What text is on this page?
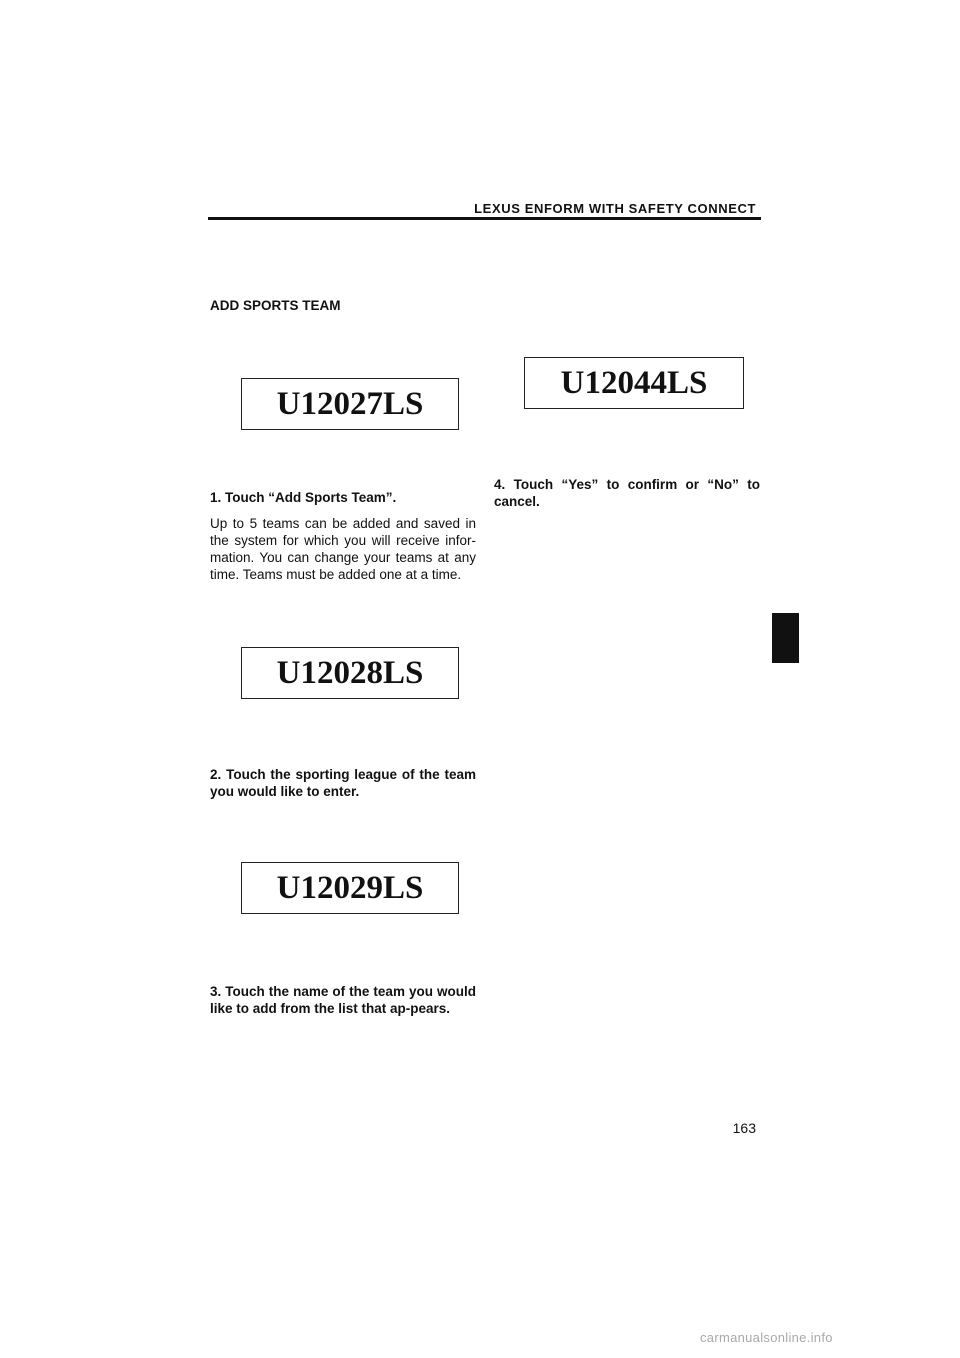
LEXUS ENFORM WITH SAFETY CONNECT
ADD SPORTS TEAM
U12027LS
1. Touch “Add Sports Team”.
Up to 5 teams can be added and saved in the system for which you will receive infor-mation. You can change your teams at any time. Teams must be added one at a time.
U12028LS
2. Touch the sporting league of the team you would like to enter.
U12029LS
3. Touch the name of the team you would like to add from the list that ap-pears.
U12044LS
4. Touch “Yes” to confirm or “No” to cancel.
163
carmanualsonline.info
